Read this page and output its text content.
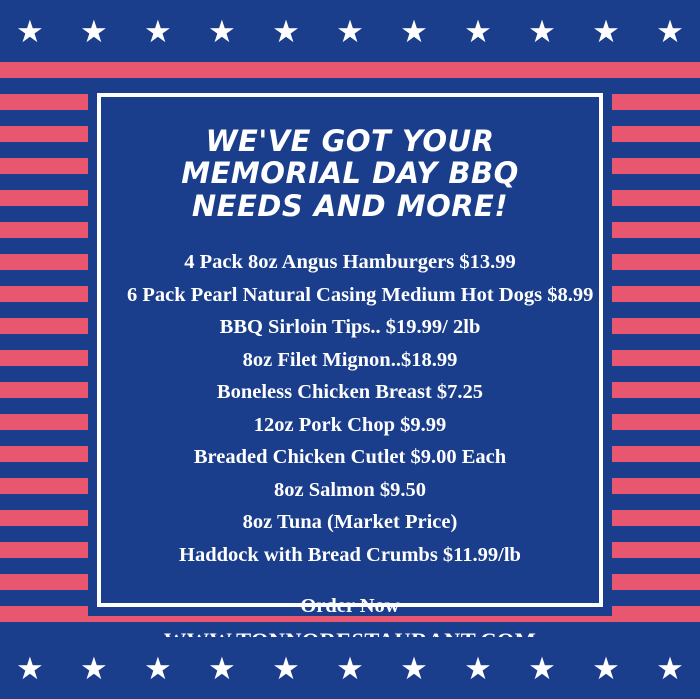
★ ★ ★ ★ ★ ★ ★ ★ ★ ★ ★
WE'VE GOT YOUR MEMORIAL DAY BBQ NEEDS AND MORE!
4 Pack 8oz Angus Hamburgers $13.99
6 Pack Pearl Natural Casing Medium Hot Dogs $8.99
BBQ Sirloin Tips.. $19.99/ 2lb
8oz Filet Mignon..$18.99
Boneless Chicken Breast $7.25
12oz Pork Chop $9.99
Breaded Chicken Cutlet $9.00 Each
8oz Salmon $9.50
8oz Tuna (Market Price)
Haddock with Bread Crumbs $11.99/lb
Order Now
★ ★ ★ ★ ★ ★ ★ ★ ★ ★ ★
